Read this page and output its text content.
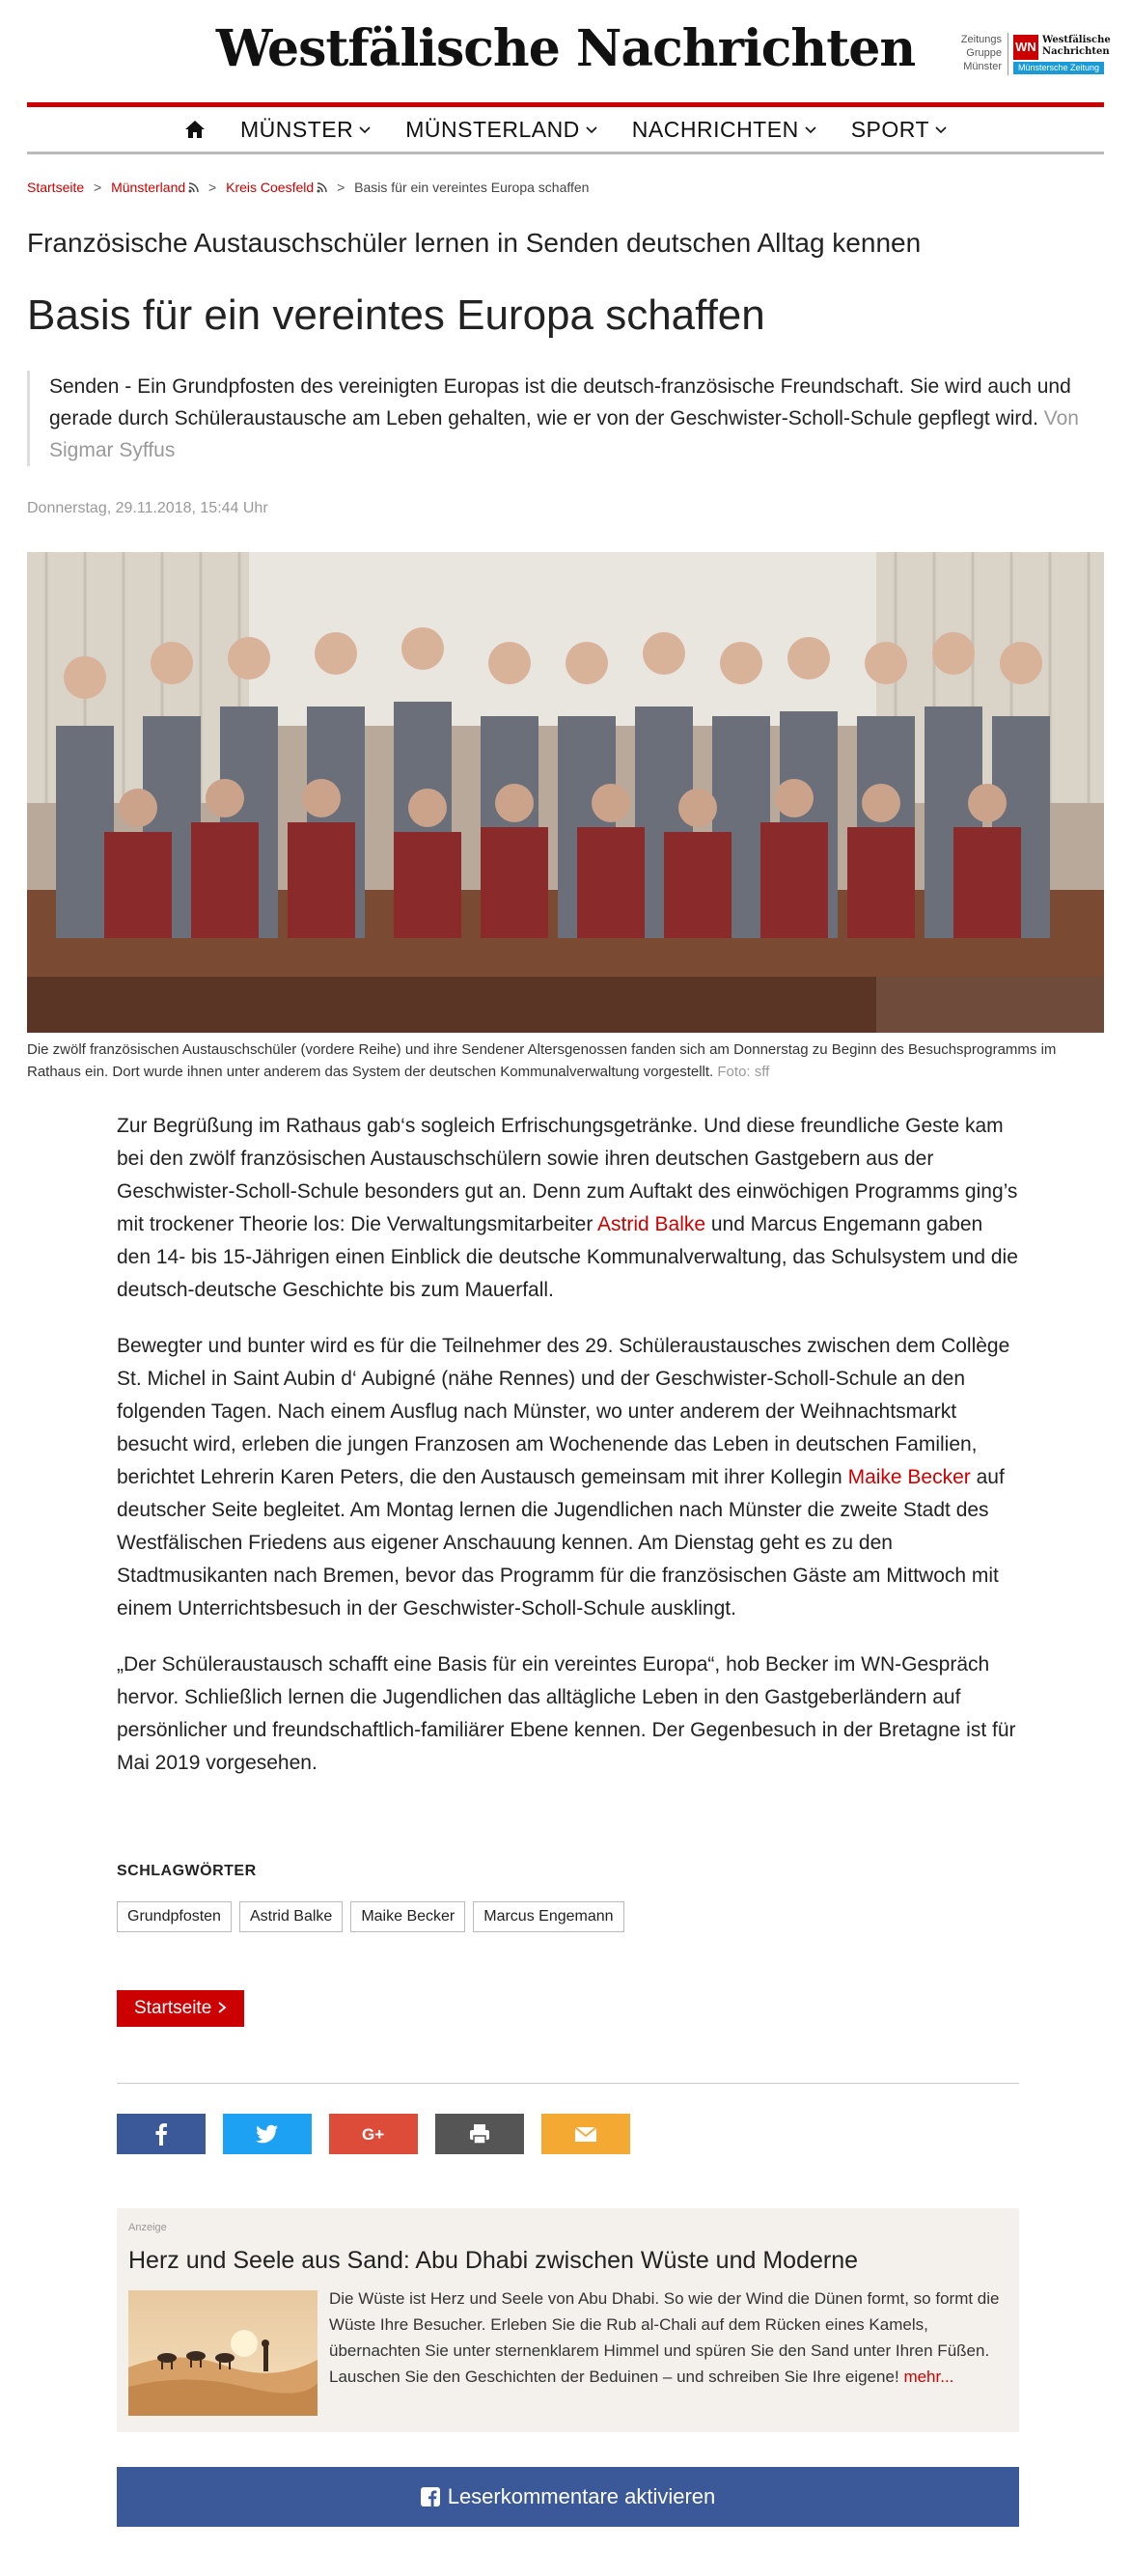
Westfälische Nachrichten	Zeitungs
Gruppe
Münster
WN Westfälische Nachrichten
Münstersche Zeitung
MÜNSTER MÜNSTERLAND NACHRICHTEN SPORT
Startseite > Münsterland > Kreis Coesfeld > Basis für ein vereintes Europa schaffen
Französische Austauschschüler lernen in Senden deutschen Alltag kennen
Basis für ein vereintes Europa schaffen
Senden - Ein Grundpfosten des vereinigten Europas ist die deutsch-französische Freundschaft. Sie wird auch und gerade durch Schüleraustausche am Leben gehalten, wie er von der Geschwister-Scholl-Schule gepflegt wird. Von Sigmar Syffus
Donnerstag, 29.11.2018, 15:44 Uhr
Die zwölf französischen Austauschschüler (vordere Reihe) und ihre Sendener Altersgenossen fanden sich am Donnerstag zu Beginn des Besuchsprogramms im Rathaus ein. Dort wurde ihnen unter anderem das System der deutschen Kommunalverwaltung vorgestellt. Foto: sff

Zur Begrüßung im Rathaus gab‘s sogleich Erfrischungsgetränke. Und diese freundliche Geste kam bei den zwölf französischen Austauschschülern sowie ihren deutschen Gastgebern aus der Geschwister-Scholl-Schule besonders gut an. Denn zum Auftakt des einwöchigen Programms ging’s mit trockener Theorie los: Die Verwaltungsmitarbeiter Astrid Balke und Marcus Engemann gaben den 14- bis 15-Jährigen einen Einblick die deutsche Kommunalverwaltung, das Schulsystem und die deutsch-deutsche Geschichte bis zum Mauerfall.

Bewegter und bunter wird es für die Teilnehmer des 29. Schüleraustausches zwischen dem Collège St. Michel in Saint Aubin d‘ Aubigné (nähe Rennes) und der Geschwister-Scholl-Schule an den folgenden Tagen. Nach einem Ausflug nach Münster, wo unter anderem der Weihnachtsmarkt besucht wird, erleben die jungen Franzosen am Wochenende das Leben in deutschen Familien, berichtet Lehrerin Karen Peters, die den Austausch gemeinsam mit ihrer Kollegin Maike Becker auf deutscher Seite begleitet. Am Montag lernen die Jugendlichen nach Münster die zweite Stadt des Westfälischen Friedens aus eigener Anschauung kennen. Am Dienstag geht es zu den Stadtmusikanten nach Bremen, bevor das Programm für die französischen Gäste am Mittwoch mit einem Unterrichtsbesuch in der Geschwister-Scholl-Schule ausklingt.

„Der Schüleraustausch schafft eine Basis für ein vereintes Europa“, hob Becker im WN-Gespräch hervor. Schließlich lernen die Jugendlichen das alltägliche Leben in den Gastgeberländern auf persönlicher und freundschaftlich-familiärer Ebene kennen. Der Gegenbesuch in der Bretagne ist für Mai 2019 vorgesehen.

SCHLAGWÖRTER
Grundpfosten	Astrid Balke	Maike Becker	Marcus Engemann
Startseite
G+
Anzeige
Herz und Seele aus Sand: Abu Dhabi zwischen Wüste und Moderne
Die Wüste ist Herz und Seele von Abu Dhabi. So wie der Wind die Dünen formt, so formt die Wüste Ihre Besucher. Erleben Sie die Rub al-Chali auf dem Rücken eines Kamels, übernachten Sie unter sternenklarem Himmel und spüren Sie den Sand unter Ihren Füßen. Lauschen Sie den Geschichten der Beduinen – und schreiben Sie Ihre eigene! mehr...
Leserkommentare aktivieren
